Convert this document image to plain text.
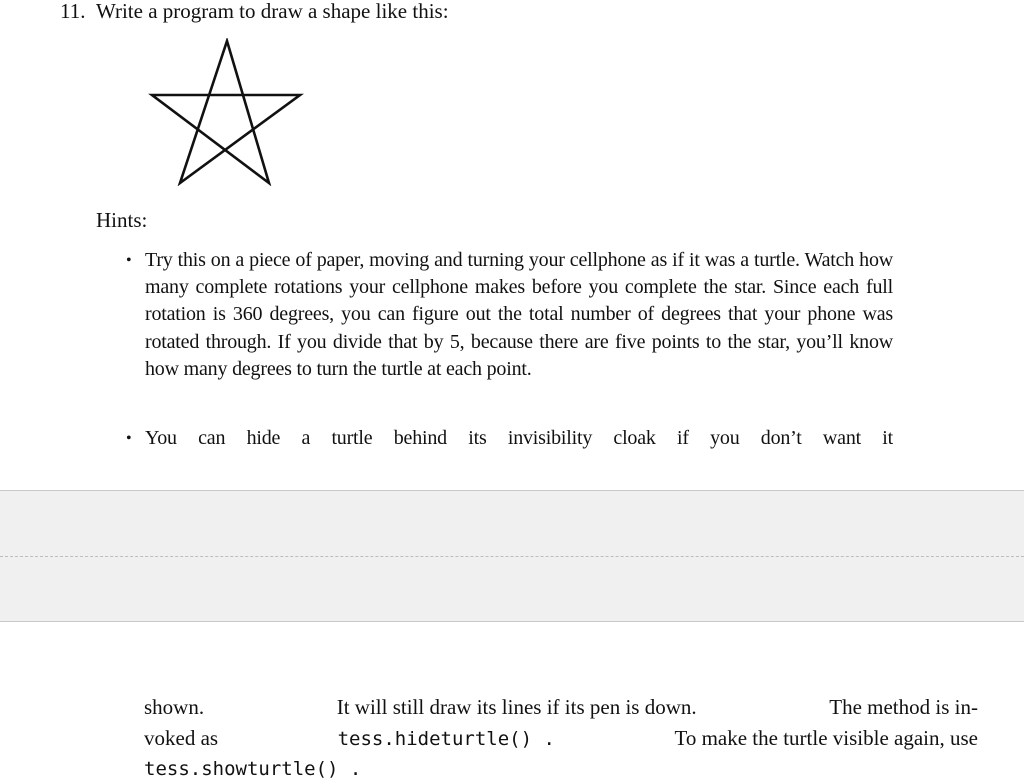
11. Write a program to draw a shape like this:
Hints:
• Try this on a piece of paper, moving and turning your cellphone as if it was a turtle. Watch how many complete rotations your cellphone makes before you complete the star. Since each full rotation is 360 degrees, you can figure out the total number of degrees that your phone was rotated through. If you divide that by 5, because there are five points to the star, you’ll know how many degrees to turn the turtle at each point.
• You can hide a turtle behind its invisibility cloak if you don’t want it
shown.	It will still draw its lines if its pen is down.	The method is in-
voked as	tess.hideturtle() .	To make the turtle visible again, use
tess.showturtle() .
